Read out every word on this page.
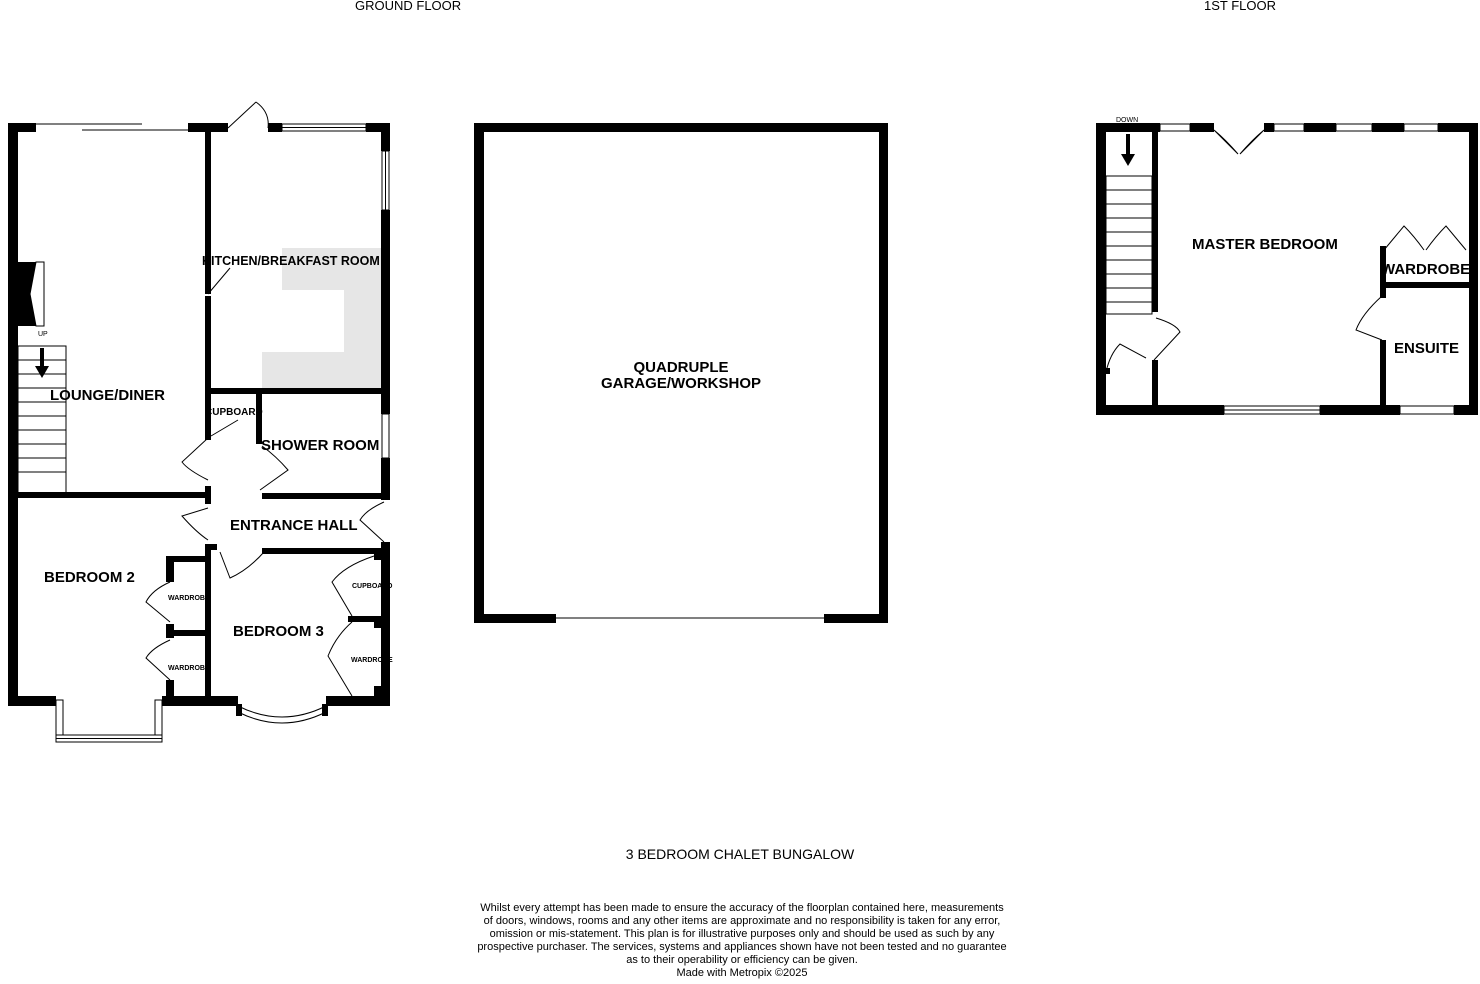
GROUND FLOOR	1ST FLOOR
UP
DOWN
LOUNGE/DINER
KITCHEN/BREAKFAST ROOM
SHOWER ROOM
CUPBOARD
ENTRANCE HALL
BEDROOM 2
BEDROOM 3
WARDROBE
WARDROBE
CUPBOARD
WARDROBE
QUADRUPLE
GARAGE/WORKSHOP
MASTER BEDROOM
WARDROBE
ENSUITE
3 BEDROOM CHALET BUNGALOW
Whilst every attempt has been made to ensure the accuracy of the floorplan contained here, measurements
of doors, windows, rooms and any other items are approximate and no responsibility is taken for any error,
omission or mis-statement. This plan is for illustrative purposes only and should be used as such by any
prospective purchaser. The services, systems and appliances shown have not been tested and no guarantee
as to their operability or efficiency can be given.
Made with Metropix ©2025
